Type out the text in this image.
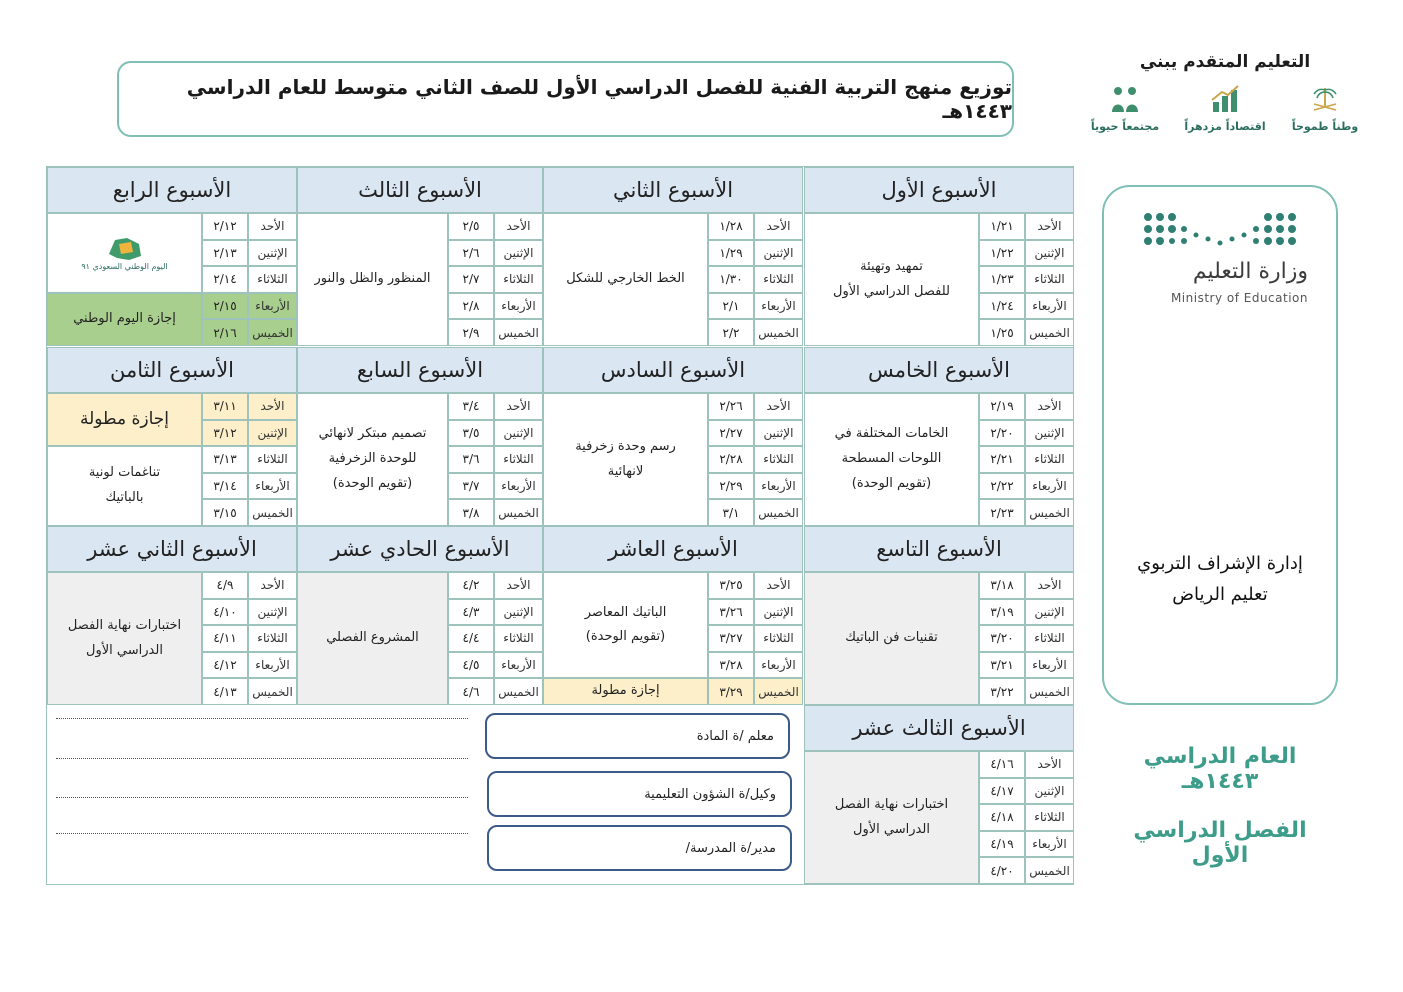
توزيع منهج التربية الفنية للفصل الدراسي الأول للصف الثاني متوسط للعام الدراسي ١٤٤٣هـ
التعليم المتقدم يبني
وطناً طموحاً
اقتصاداً مزدهراً
مجتمعاً حيوياً
الأسبوع الأول
الأحد
١/٢١
الإثنين
١/٢٢
الثلاثاء
١/٢٣
الأربعاء
١/٢٤
الخميس
١/٢٥
تمهيد وتهيئة
للفصل الدراسي الأول
الأسبوع الثاني
الأحد
١/٢٨
الإثنين
١/٢٩
الثلاثاء
١/٣٠
الأربعاء
٢/١
الخميس
٢/٢
الخط الخارجي للشكل
الأسبوع الثالث
الأحد
٢/٥
الإثنين
٢/٦
الثلاثاء
٢/٧
الأربعاء
٢/٨
الخميس
٢/٩
المنظور والظل والنور
الأسبوع الرابع
الأحد
٢/١٢
الإثنين
٢/١٣
الثلاثاء
٢/١٤
الأربعاء
٢/١٥
الخميس
٢/١٦
اليوم الوطني السعودي ٩١
إجازة اليوم الوطني
الأسبوع الخامس
الأحد
٢/١٩
الإثنين
٢/٢٠
الثلاثاء
٢/٢١
الأربعاء
٢/٢٢
الخميس
٢/٢٣
الخامات المختلفة في
اللوحات المسطحة
(تقويم الوحدة)
الأسبوع السادس
الأحد
٢/٢٦
الإثنين
٢/٢٧
الثلاثاء
٢/٢٨
الأربعاء
٢/٢٩
الخميس
٣/١
رسم وحدة زخرفية
لانهائية
الأسبوع السابع
الأحد
٣/٤
الإثنين
٣/٥
الثلاثاء
٣/٦
الأربعاء
٣/٧
الخميس
٣/٨
تصميم مبتكر لانهائي
للوحدة الزخرفية
(تقويم الوحدة)
الأسبوع الثامن
الأحد
٣/١١
الإثنين
٣/١٢
الثلاثاء
٣/١٣
الأربعاء
٣/١٤
الخميس
٣/١٥
إجازة مطولة
تناغمات لونية
بالباتيك
الأسبوع التاسع
الأحد
٣/١٨
الإثنين
٣/١٩
الثلاثاء
٣/٢٠
الأربعاء
٣/٢١
الخميس
٣/٢٢
تقنيات فن الباتيك
الأسبوع العاشر
الأحد
٣/٢٥
الإثنين
٣/٢٦
الثلاثاء
٣/٢٧
الأربعاء
٣/٢٨
الخميس
٣/٢٩
الباتيك المعاصر
(تقويم الوحدة)
إجازة مطولة
الأسبوع الحادي عشر
الأحد
٤/٢
الإثنين
٤/٣
الثلاثاء
٤/٤
الأربعاء
٤/٥
الخميس
٤/٦
المشروع الفصلي
الأسبوع الثاني عشر
الأحد
٤/٩
الإثنين
٤/١٠
الثلاثاء
٤/١١
الأربعاء
٤/١٢
الخميس
٤/١٣
اختبارات نهاية الفصل
الدراسي الأول
الأسبوع الثالث عشر
الأحد
٤/١٦
الإثنين
٤/١٧
الثلاثاء
٤/١٨
الأربعاء
٤/١٩
الخميس
٤/٢٠
اختبارات نهاية الفصل
الدراسي الأول
معلم /ة المادة
وكيل/ة الشؤون التعليمية
مدير/ة المدرسة/
وزارة التعليم
Ministry of Education
إدارة الإشراف التربوي
تعليم الرياض
العام الدراسي ١٤٤٣هـ
الفصل الدراسي الأول
